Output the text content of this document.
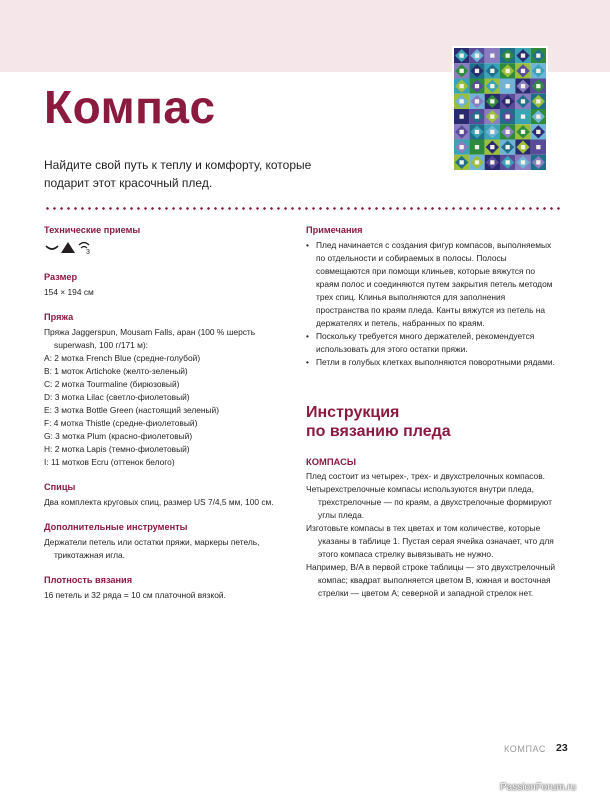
Компас
Найдите свой путь к теплу и комфорту, которые подарит этот красочный плед.
Технические приемы
3
Размер
154 × 194 см
Пряжа
Пряжа Jaggerspun, Mousam Falls, аран (100 % шерсть superwash, 100 г/171 м):
A: 2 мотка French Blue (средне-голубой)
B: 1 моток Artichoke (желто-зеленый)
C: 2 мотка Tourmaline (бирюзовый)
D: 3 мотка Lilac (светло-фиолетовый)
E: 3 мотка Bottle Green (настоящий зеленый)
F: 4 мотка Thistle (средне-фиолетовый)
G: 3 мотка Plum (красно-фиолетовый)
H: 2 мотка Lapis (темно-фиолетовый)
I: 11 мотков Ecru (оттенок белого)
Спицы
Два комплекта круговых спиц, размер US 7/4,5 мм, 100 см.
Дополнительные инструменты
Держатели петель или остатки пряжи, маркеры петель, трикотажная игла.
Плотность вязания
16 петель и 32 ряда = 10 см платочной вязкой.
Примечания
• Плед начинается с создания фигур компасов, выполняемых по отдельности и собираемых в полосы. Полосы совмещаются при помощи клиньев, которые вяжутся по краям полос и соединяются путем закрытия петель методом трех спиц. Клинья выполняются для заполнения пространства по краям пледа. Канты вяжутся из петель на держателях и петель, набранных по краям.
• Поскольку требуется много держателей, рекомендуется использовать для этого остатки пряжи.
• Петли в голубых клетках выполняются поворотными рядами.
Инструкция
по вязанию пледа
КОМПАСЫ
Плед состоит из четырех-, трех- и двухстрелочных компасов.
Четырехстрелочные компасы используются внутри пледа, трехстрелочные — по краям, а двухстрелочные формируют углы пледа.
Изготовьте компасы в тех цветах и том количестве, которые указаны в таблице 1. Пустая серая ячейка означает, что для этого компаса стрелку вывязывать не нужно.
Например, B/A в первой строке таблицы — это двухстрелочный компас; квадрат выполняется цветом B, южная и восточная стрелки — цветом A; северной и западной стрелок нет.
КОМПАС 23
PassionForum.ru
